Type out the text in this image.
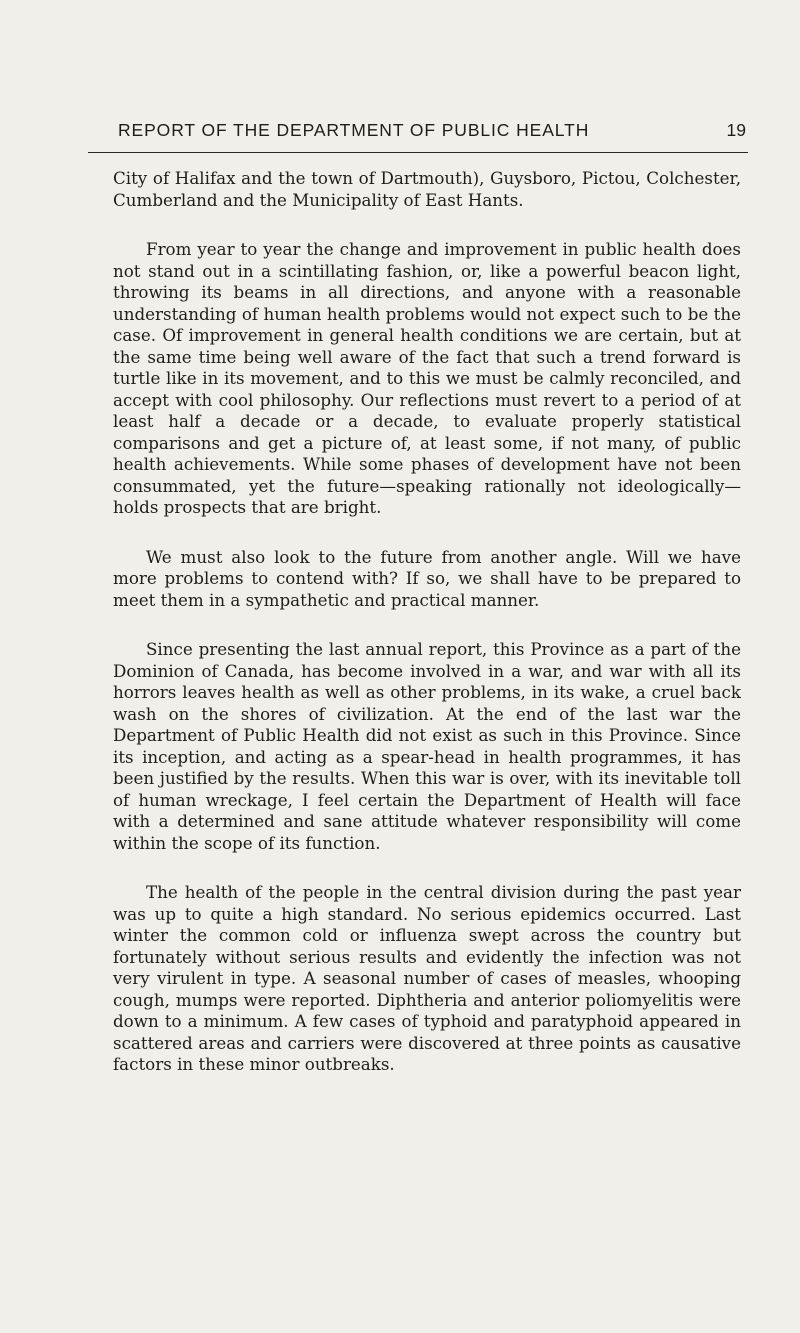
REPORT OF THE DEPARTMENT OF PUBLIC HEALTH	19

City of Halifax and the town of Dartmouth), Guysboro, Pictou, Colchester, Cumberland and the Municipality of East Hants.

From year to year the change and improvement in public health does not stand out in a scintillating fashion, or, like a powerful beacon light, throwing its beams in all directions, and anyone with a reasonable understanding of human health problems would not expect such to be the case. Of improvement in general health conditions we are certain, but at the same time being well aware of the fact that such a trend forward is turtle like in its movement, and to this we must be calmly reconciled, and accept with cool philosophy. Our reflections must revert to a period of at least half a decade or a decade, to evaluate properly statistical comparisons and get a picture of, at least some, if not many, of public health achievements. While some phases of development have not been consummated, yet the future—speaking rationally not ideologically—holds prospects that are bright.

We must also look to the future from another angle. Will we have more problems to contend with? If so, we shall have to be prepared to meet them in a sympathetic and practical manner.

Since presenting the last annual report, this Province as a part of the Dominion of Canada, has become involved in a war, and war with all its horrors leaves health as well as other problems, in its wake, a cruel back wash on the shores of civilization. At the end of the last war the Department of Public Health did not exist as such in this Province. Since its inception, and acting as a spear-head in health programmes, it has been justified by the results. When this war is over, with its inevitable toll of human wreckage, I feel certain the Department of Health will face with a determined and sane attitude whatever responsibility will come within the scope of its function.

The health of the people in the central division during the past year was up to quite a high standard. No serious epidemics occurred. Last winter the common cold or influenza swept across the country but fortunately without serious results and evidently the infection was not very virulent in type. A seasonal number of cases of measles, whooping cough, mumps were reported. Diphtheria and anterior poliomyelitis were down to a minimum. A few cases of typhoid and paratyphoid appeared in scattered areas and carriers were discovered at three points as causative factors in these minor outbreaks.
